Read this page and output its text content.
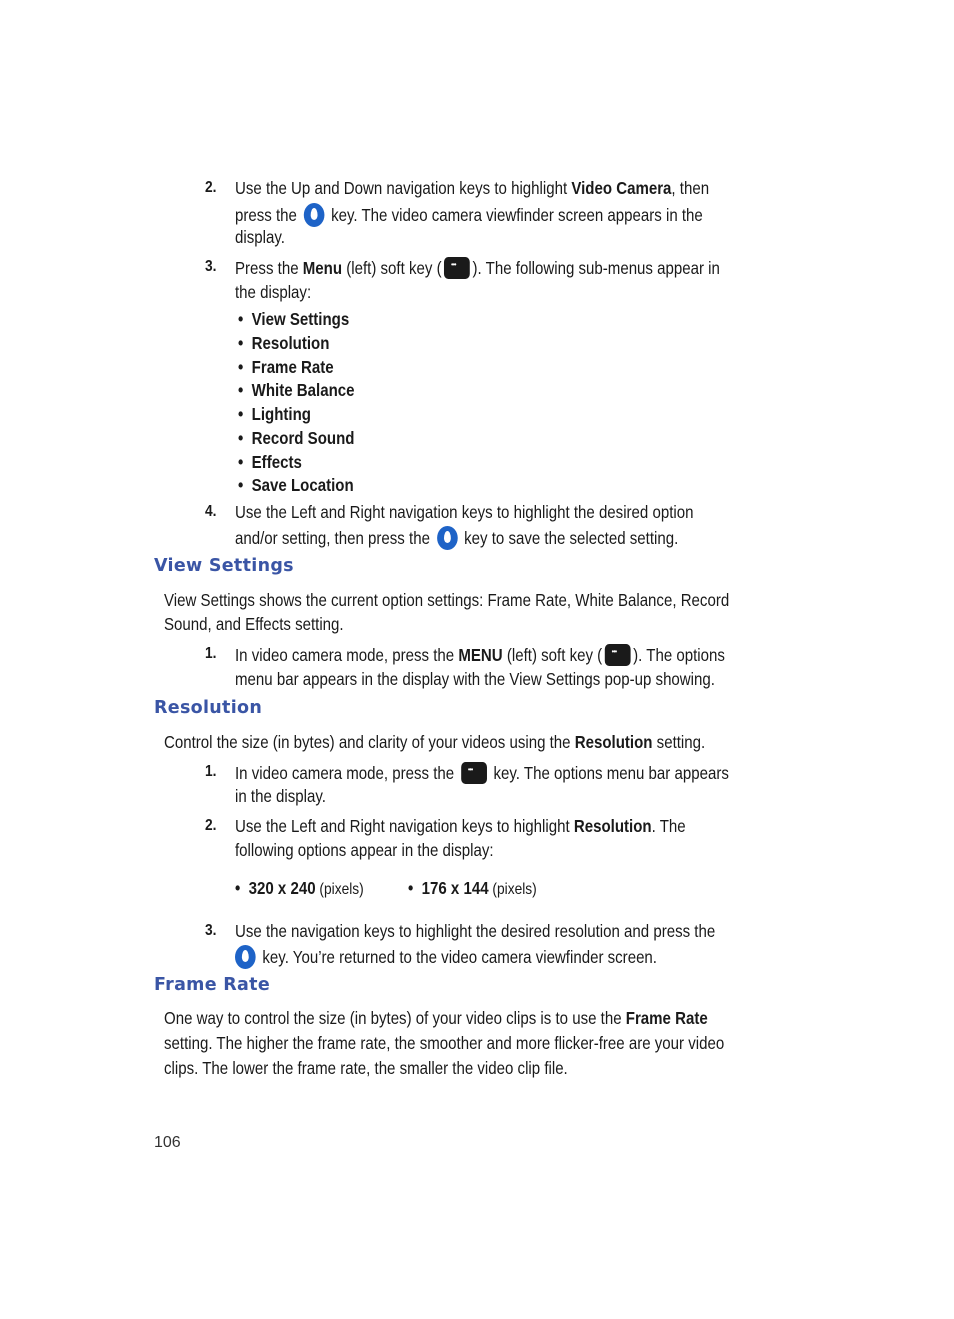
2. Use the Up and Down navigation keys to highlight Video Camera, then
press the  key. The video camera viewfinder screen appears in the
display.
3. Press the Menu (left) soft key ( ••• ). The following sub-menus appear in
the display:
•  View Settings
•  Resolution
•  Frame Rate
•  White Balance
•  Lighting
•  Record Sound
•  Effects
•  Save Location
4. Use the Left and Right navigation keys to highlight the desired option
and/or setting, then press the  key to save the selected setting.
View Settings
View Settings shows the current option settings: Frame Rate, White Balance, Record
Sound, and Effects setting.
1. In video camera mode, press the MENU (left) soft key ( ••• ). The options
menu bar appears in the display with the View Settings pop-up showing.
Resolution
Control the size (in bytes) and clarity of your videos using the Resolution setting.
1. In video camera mode, press the ••• key. The options menu bar appears
in the display.
2. Use the Left and Right navigation keys to highlight Resolution. The
following options appear in the display:
•  320 x 240 (pixels)	•  176 x 144 (pixels)
3. Use the navigation keys to highlight the desired resolution and press the
key. You’re returned to the video camera viewfinder screen.
Frame Rate
One way to control the size (in bytes) of your video clips is to use the Frame Rate
setting. The higher the frame rate, the smoother and more flicker-free are your video
clips. The lower the frame rate, the smaller the video clip file.
106
